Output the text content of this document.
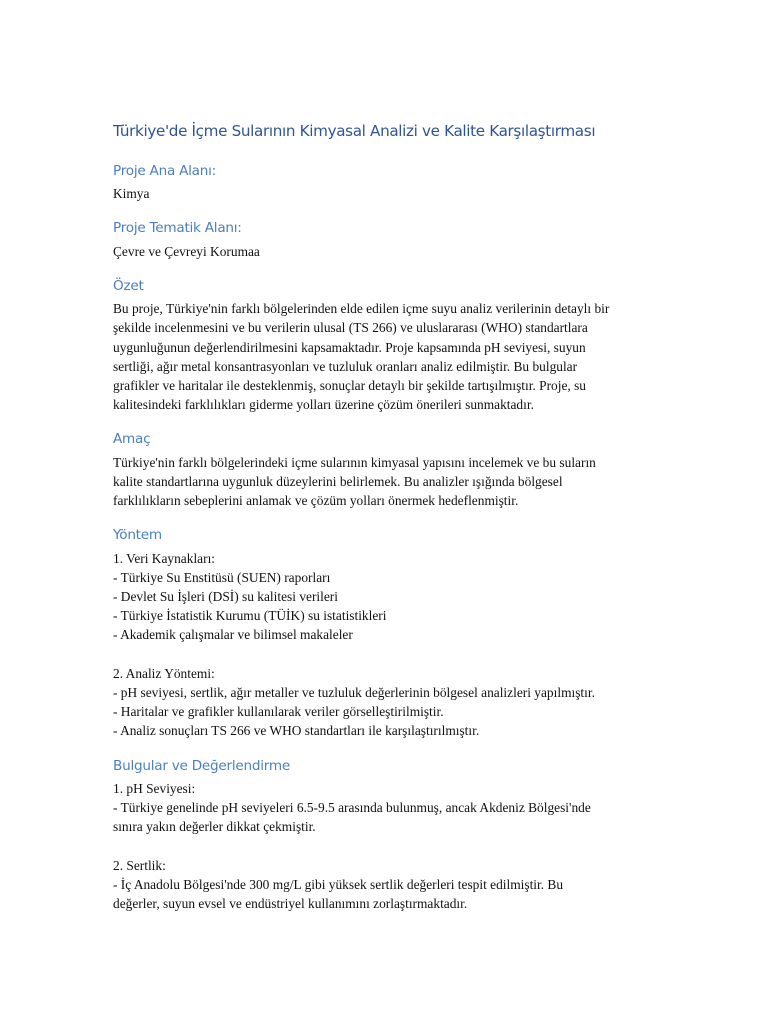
Türkiye'de İçme Sularının Kimyasal Analizi ve Kalite Karşılaştırması
Proje Ana Alanı:
Kimya
Proje Tematik Alanı:
Çevre ve Çevreyi Korumaa
Özet
Bu proje, Türkiye'nin farklı bölgelerinden elde edilen içme suyu analiz verilerinin detaylı bir
şekilde incelenmesini ve bu verilerin ulusal (TS 266) ve uluslararası (WHO) standartlara
uygunluğunun değerlendirilmesini kapsamaktadır. Proje kapsamında pH seviyesi, suyun
sertliği, ağır metal konsantrasyonları ve tuzluluk oranları analiz edilmiştir. Bu bulgular
grafikler ve haritalar ile desteklenmiş, sonuçlar detaylı bir şekilde tartışılmıştır. Proje, su
kalitesindeki farklılıkları giderme yolları üzerine çözüm önerileri sunmaktadır.
Amaç
Türkiye'nin farklı bölgelerindeki içme sularının kimyasal yapısını incelemek ve bu suların
kalite standartlarına uygunluk düzeylerini belirlemek. Bu analizler ışığında bölgesel
farklılıkların sebeplerini anlamak ve çözüm yolları önermek hedeflenmiştir.
Yöntem
1. Veri Kaynakları:
- Türkiye Su Enstitüsü (SUEN) raporları
- Devlet Su İşleri (DSİ) su kalitesi verileri
- Türkiye İstatistik Kurumu (TÜİK) su istatistikleri
- Akademik çalışmalar ve bilimsel makaleler
2. Analiz Yöntemi:
- pH seviyesi, sertlik, ağır metaller ve tuzluluk değerlerinin bölgesel analizleri yapılmıştır.
- Haritalar ve grafikler kullanılarak veriler görselleştirilmiştir.
- Analiz sonuçları TS 266 ve WHO standartları ile karşılaştırılmıştır.
Bulgular ve Değerlendirme
1. pH Seviyesi:
- Türkiye genelinde pH seviyeleri 6.5-9.5 arasında bulunmuş, ancak Akdeniz Bölgesi'nde
sınıra yakın değerler dikkat çekmiştir.
2. Sertlik:
- İç Anadolu Bölgesi'nde 300 mg/L gibi yüksek sertlik değerleri tespit edilmiştir. Bu
değerler, suyun evsel ve endüstriyel kullanımını zorlaştırmaktadır.
